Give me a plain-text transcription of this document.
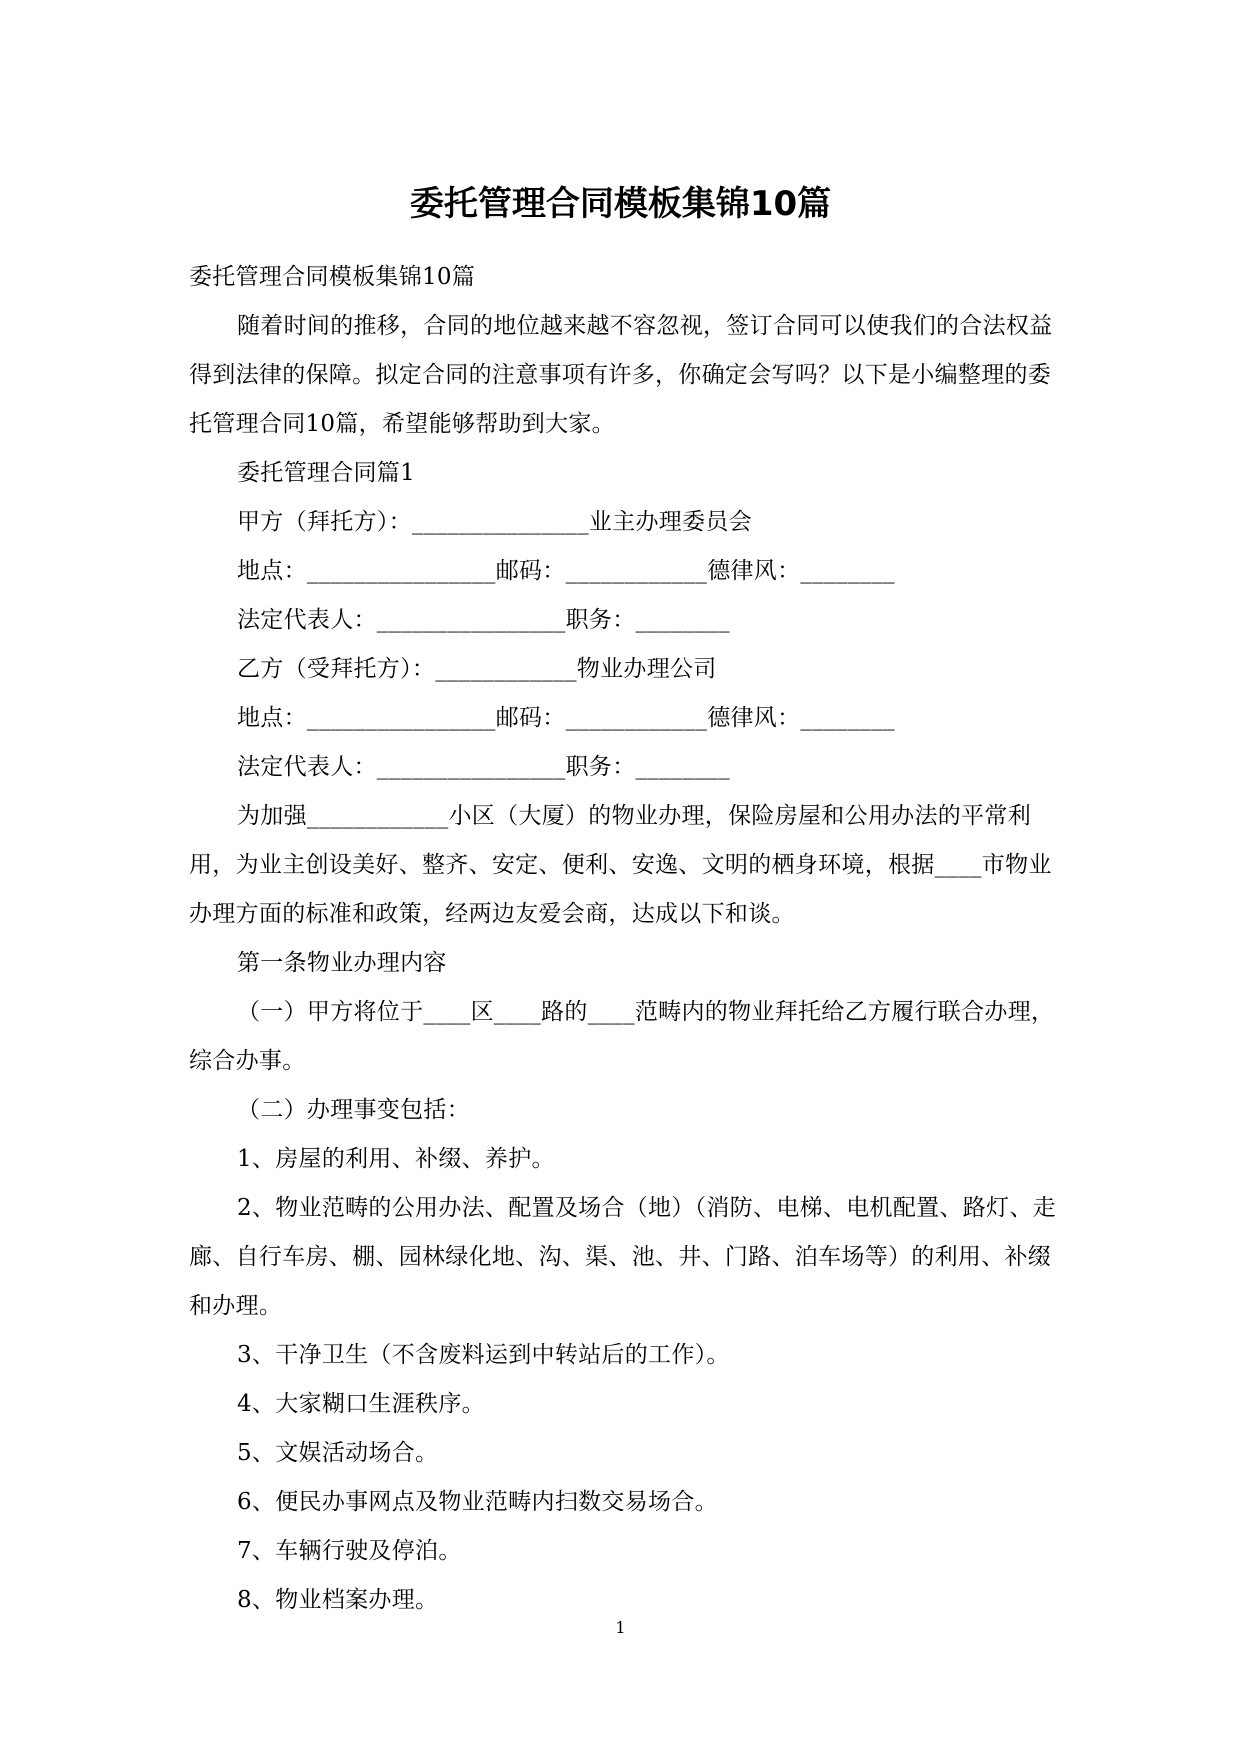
委托管理合同模板集锦10篇

委托管理合同模板集锦10篇

随着时间的推移，合同的地位越来越不容忽视，签订合同可以使我们的合法权益得到法律的保障。拟定合同的注意事项有许多，你确定会写吗？以下是小编整理的委托管理合同10篇，希望能够帮助到大家。

委托管理合同篇1

甲方（拜托方）：_______________业主办理委员会

地点：________________邮码：____________德律风：________

法定代表人：________________职务：________

乙方（受拜托方）：____________物业办理公司

地点：________________邮码：____________德律风：________

法定代表人：________________职务：________

为加强____________小区（大厦）的物业办理，保险房屋和公用办法的平常利用，为业主创设美好、整齐、安定、便利、安逸、文明的栖身环境，根据____市物业办理方面的标准和政策，经两边友爱会商，达成以下和谈。

第一条物业办理内容

（一）甲方将位于____区____路的____范畴内的物业拜托给乙方履行联合办理，综合办事。

（二）办理事变包括：

1、房屋的利用、补缀、养护。

2、物业范畴的公用办法、配置及场合（地）（消防、电梯、电机配置、路灯、走廊、自行车房、棚、园林绿化地、沟、渠、池、井、门路、泊车场等）的利用、补缀和办理。

3、干净卫生（不含废料运到中转站后的工作）。

4、大家糊口生涯秩序。

5、文娱活动场合。

6、便民办事网点及物业范畴内扫数交易场合。

7、车辆行驶及停泊。

8、物业档案办理。

1
